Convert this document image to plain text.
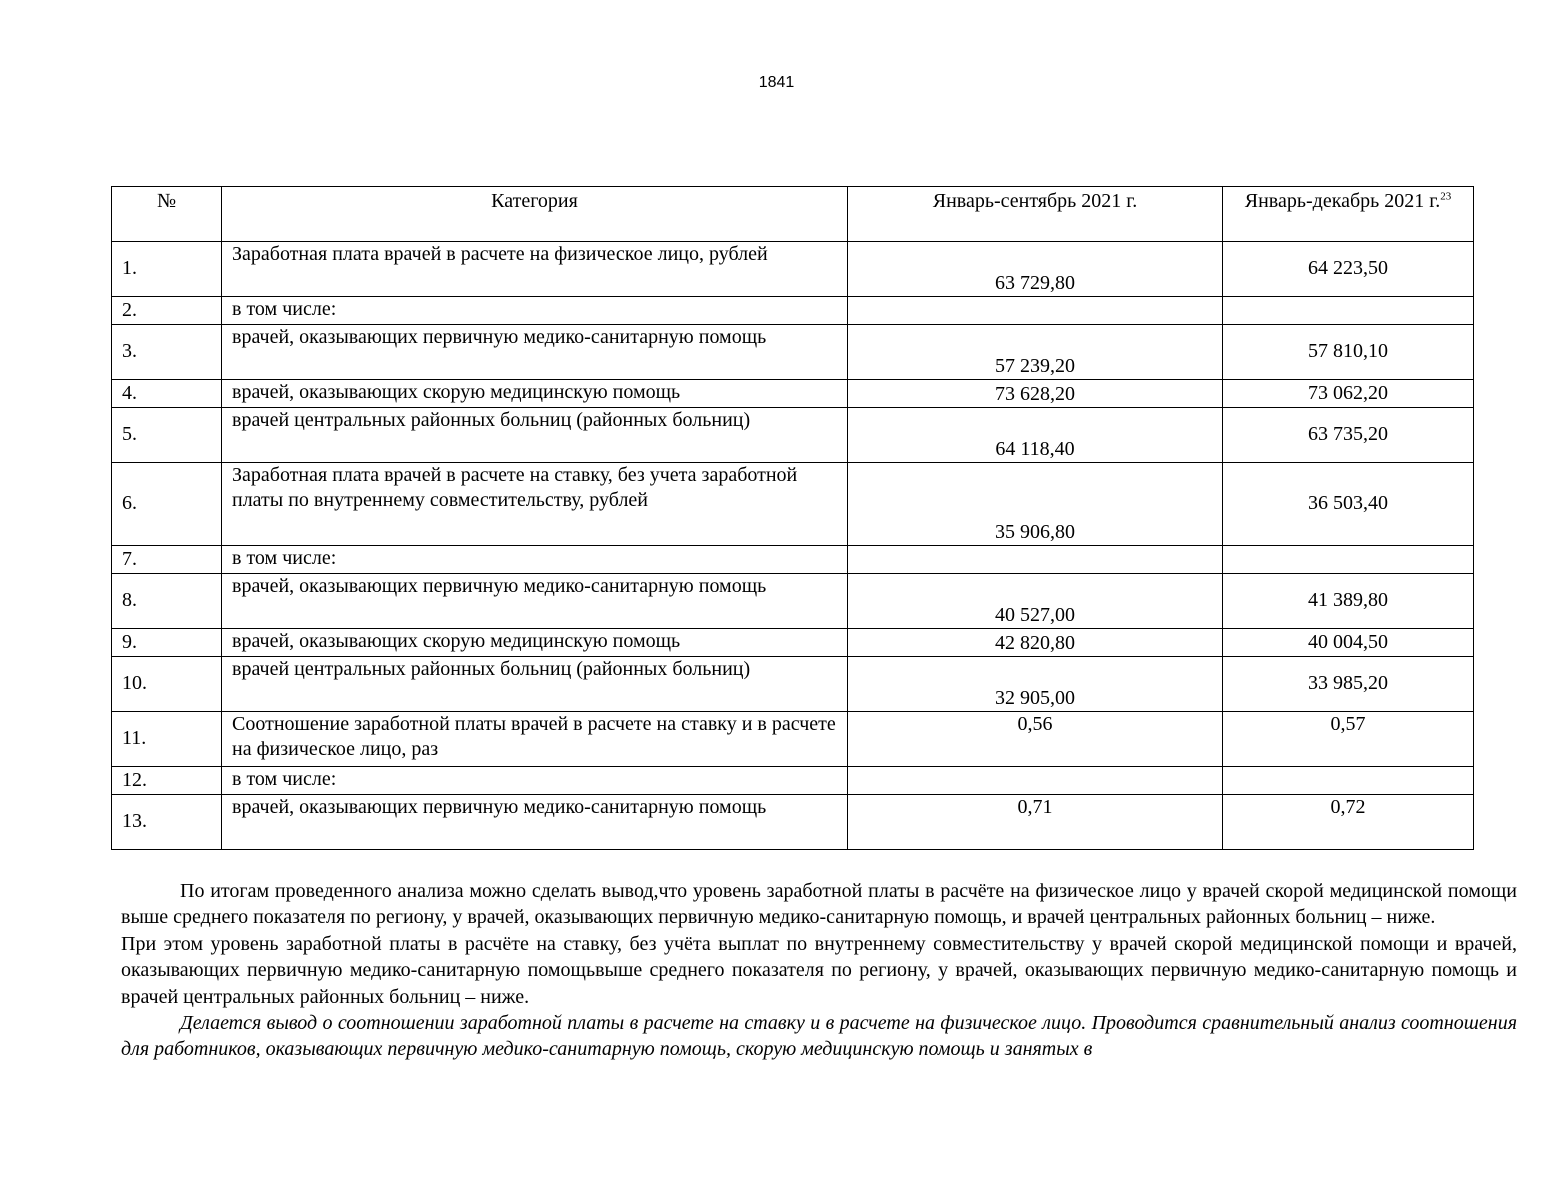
1841
№	Категория	Январь-сентябрь 2021 г.	Январь-декабрь 2021 г.$^{23}$
1.	Заработная плата врачей в расчете на физическое лицо, рублей	63 729,80	64 223,50
2.	в том числе:		
3.	врачей, оказывающих первичную медико-санитарную помощь	57 239,20	57 810,10
4.	врачей, оказывающих скорую медицинскую помощь	73 628,20	73 062,20
5.	врачей центральных районных больниц (районных больниц)	64 118,40	63 735,20
6.	Заработная плата врачей в расчете на ставку, без учета заработной платы по внутреннему совместительству, рублей	35 906,80	36 503,40
7.	в том числе:		
8.	врачей, оказывающих первичную медико-санитарную помощь	40 527,00	41 389,80
9.	врачей, оказывающих скорую медицинскую помощь	42 820,80	40 004,50
10.	врачей центральных районных больниц (районных больниц)	32 905,00	33 985,20
11.	Соотношение заработной платы врачей в расчете на ставку и в расчете на физическое лицо, раз	0,56	0,57
12.	в том числе:		
13.	врачей, оказывающих первичную медико-санитарную помощь	0,71	0,72

По итогам проведенного анализа можно сделать вывод,что уровень заработной платы в расчёте на физическое лицо у врачей скорой медицинской помощи выше среднего показателя по региону, у врачей, оказывающих первичную медико-санитарную помощь, и врачей центральных районных больниц – ниже.

При этом уровень заработной платы в расчёте на ставку, без учёта выплат по внутреннему совместительству у врачей скорой медицинской помощи и врачей, оказывающих первичную медико-санитарную помощьвыше среднего показателя по региону, у врачей, оказывающих первичную медико-санитарную помощь и врачей центральных районных больниц – ниже.

Делается вывод о соотношении заработной платы в расчете на ставку и в расчете на физическое лицо. Проводится сравнительный анализ соотношения для работников, оказывающих первичную медико-санитарную помощь, скорую медицинскую помощь и занятых в
